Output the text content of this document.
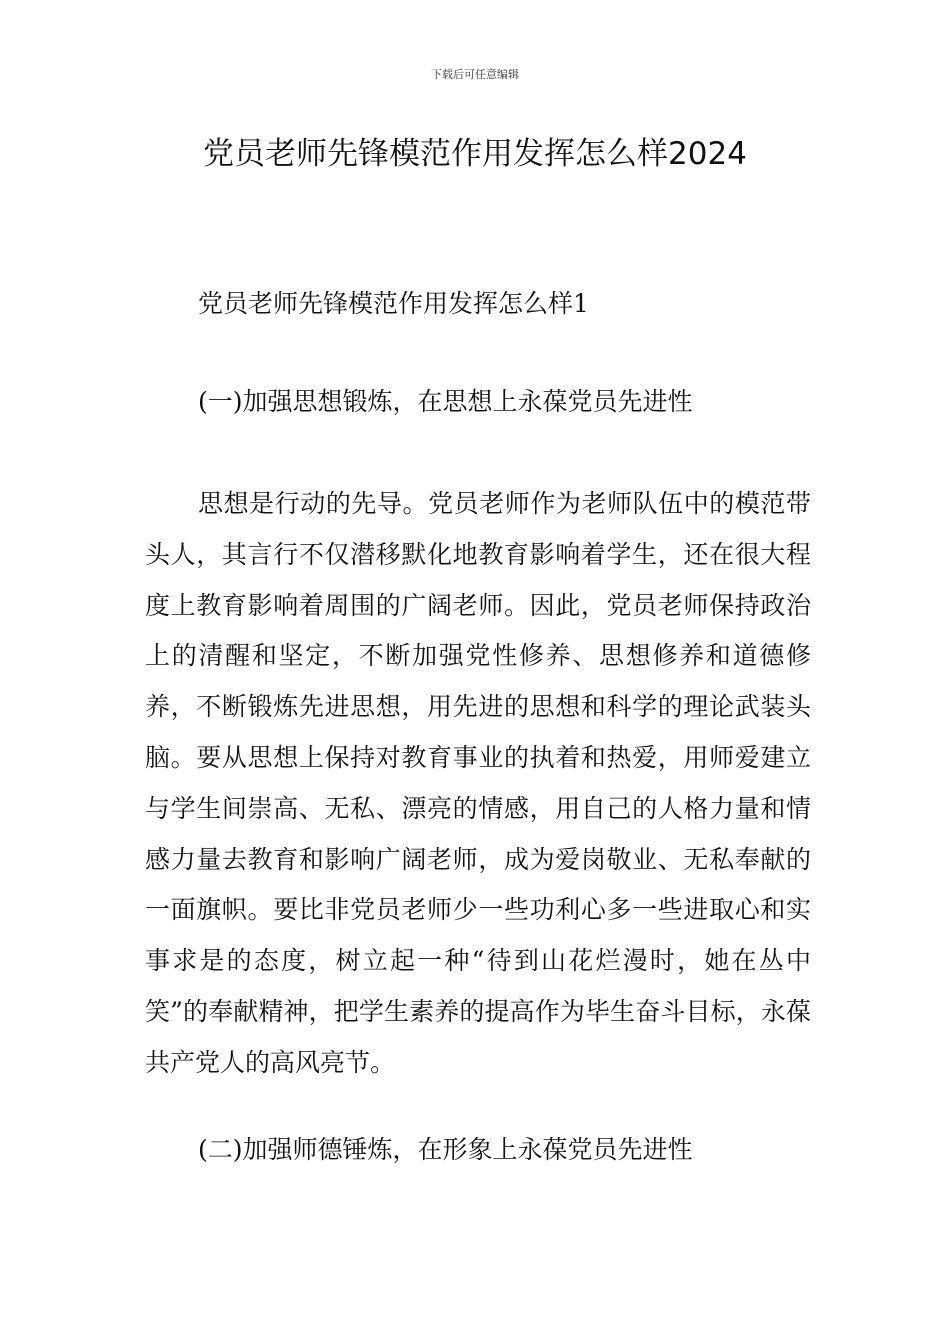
下载后可任意编辑
党员老师先锋模范作用发挥怎么样2024
党员老师先锋模范作用发挥怎么样1
(一)加强思想锻炼，在思想上永葆党员先进性

思想是行动的先导。党员老师作为老师队伍中的模范带头人，其言行不仅潜移默化地教育影响着学生，还在很大程度上教育影响着周围的广阔老师。因此，党员老师保持政治上的清醒和坚定，不断加强党性修养、思想修养和道德修养，不断锻炼先进思想，用先进的思想和科学的理论武装头脑。要从思想上保持对教育事业的执着和热爱，用师爱建立与学生间崇高、无私、漂亮的情感，用自己的人格力量和情感力量去教育和影响广阔老师，成为爱岗敬业、无私奉献的一面旗帜。要比非党员老师少一些功利心多一些进取心和实事求是的态度，树立起一种“待到山花烂漫时，她在丛中笑”的奉献精神，把学生素养的提高作为毕生奋斗目标，永葆共产党人的高风亮节。

(二)加强师德锤炼，在形象上永葆党员先进性
